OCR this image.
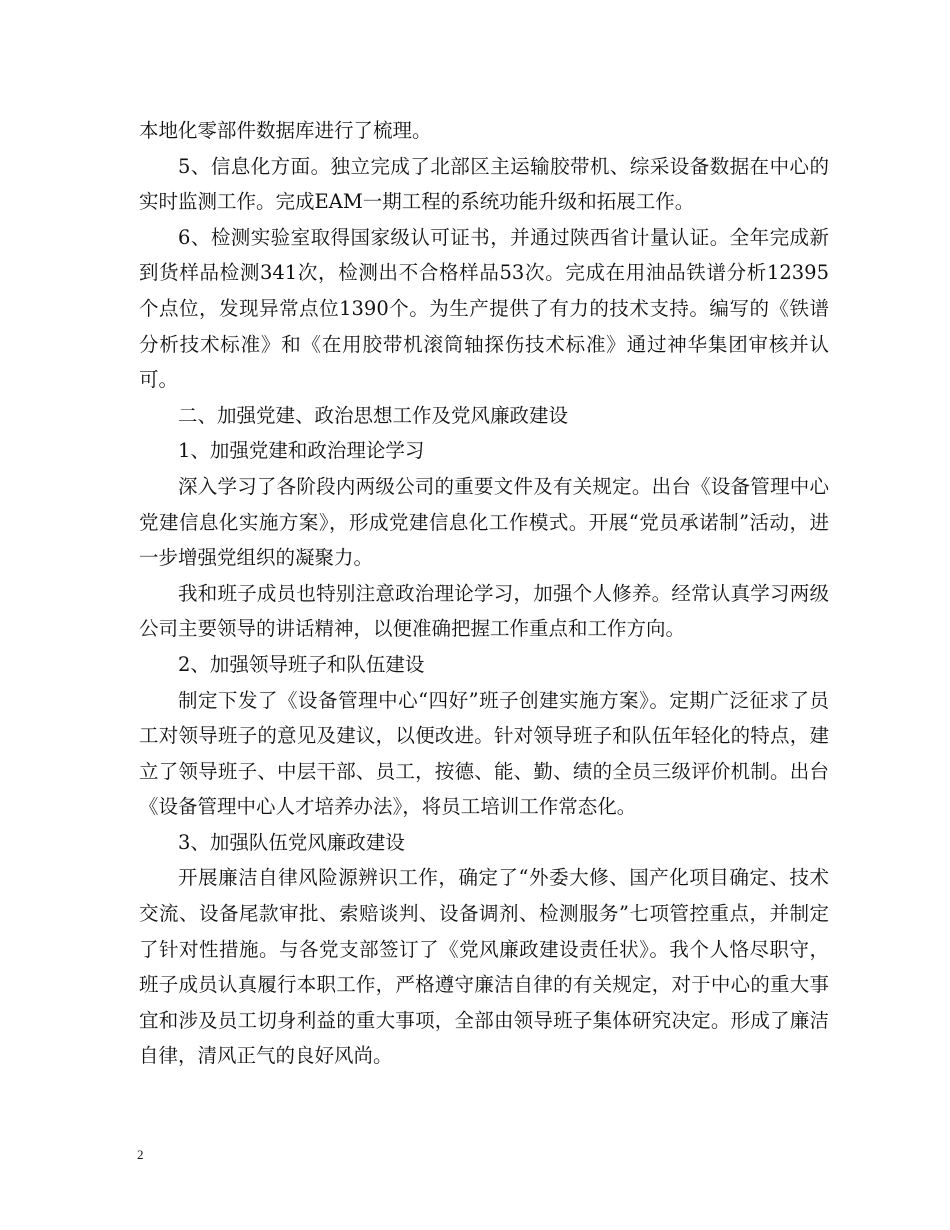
本地化零部件数据库进行了梳理。

5、信息化方面。独立完成了北部区主运输胶带机、综采设备数据在中心的实时监测工作。完成EAM一期工程的系统功能升级和拓展工作。

6、检测实验室取得国家级认可证书，并通过陕西省计量认证。全年完成新到货样品检测341次，检测出不合格样品53次。完成在用油品铁谱分析12395 个点位，发现异常点位1390个。为生产提供了有力的技术支持。编写的《铁谱分析技术标准》和《在用胶带机滚筒轴探伤技术标准》通过神华集团审核并认可。

二、加强党建、政治思想工作及党风廉政建设

1、加强党建和政治理论学习

深入学习了各阶段内两级公司的重要文件及有关规定。出台《设备管理中心党建信息化实施方案》，形成党建信息化工作模式。开展“党员承诺制”活动，进一步增强党组织的凝聚力。

我和班子成员也特别注意政治理论学习，加强个人修养。经常认真学习两级公司主要领导的讲话精神，以便准确把握工作重点和工作方向。

2、加强领导班子和队伍建设

制定下发了《设备管理中心“四好”班子创建实施方案》。定期广泛征求了员工对领导班子的意见及建议，以便改进。针对领导班子和队伍年轻化的特点，建立了领导班子、中层干部、员工，按德、能、勤、绩的全员三级评价机制。出台《设备管理中心人才培养办法》，将员工培训工作常态化。

3、加强队伍党风廉政建设

开展廉洁自律风险源辨识工作，确定了“外委大修、国产化项目确定、技术交流、设备尾款审批、索赔谈判、设备调剂、检测服务”七项管控重点，并制定了针对性措施。与各党支部签订了《党风廉政建设责任状》。我个人恪尽职守，班子成员认真履行本职工作，严格遵守廉洁自律的有关规定，对于中心的重大事宜和涉及员工切身利益的重大事项，全部由领导班子集体研究决定。形成了廉洁自律，清风正气的良好风尚。

2
